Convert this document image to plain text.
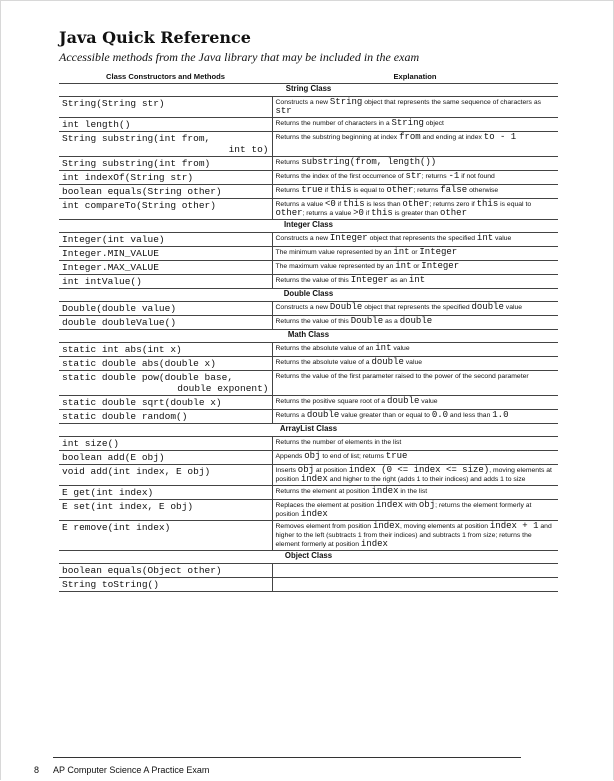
Java Quick Reference
Accessible methods from the Java library that may be included in the exam
Class Constructors and Methods	Explanation
String Class	
String(String str)	Constructs a new String object that represents the same sequence of characters as str
int length()	Returns the number of characters in a String object

String substring(int from,
int to)	Returns the substring beginning at index from and ending at index to - 1
String substring(int from)	Returns substring(from, length())
int indexOf(String str)	Returns the index of the first occurrence of str; returns -1 if not found
boolean equals(String other)	Returns true if this is equal to other; returns false otherwise
int compareTo(String other)	Returns a value <0 if this is less than other; returns zero if this is equal to other; returns a value >0 if this is greater than other
Integer Class	
Integer(int value)	Constructs a new Integer object that represents the specified int value
Integer.MIN_VALUE	The minimum value represented by an int or Integer
Integer.MAX_VALUE	The maximum value represented by an int or Integer
int intValue()	Returns the value of this Integer as an int
Double Class	
Double(double value)	Constructs a new Double object that represents the specified double value
double doubleValue()	Returns the value of this Double as a double
Math Class	
static int abs(int x)	Returns the absolute value of an int value
static double abs(double x)	Returns the absolute value of a double value

static double pow(double base,
double exponent)	Returns the value of the first parameter raised to the power of the second parameter
static double sqrt(double x)	Returns the positive square root of a double value
static double random()	Returns a double value greater than or equal to 0.0 and less than 1.0
ArrayList Class	
int size()	Returns the number of elements in the list
boolean add(E obj)	Appends obj to end of list; returns true
void add(int index, E obj)	Inserts obj at position index (0 <= index <= size), moving elements at position index and higher to the right (adds 1 to their indices) and adds 1 to size
E get(int index)	Returns the element at position index in the list
E set(int index, E obj)	Replaces the element at position index with obj; returns the element formerly at position index
E remove(int index)	Removes element from position index, moving elements at position index + 1 and higher to the left (subtracts 1 from their indices) and subtracts 1 from size; returns the element formerly at position index
Object Class	
boolean equals(Object other)	
String toString()	
8 AP Computer Science A Practice Exam
